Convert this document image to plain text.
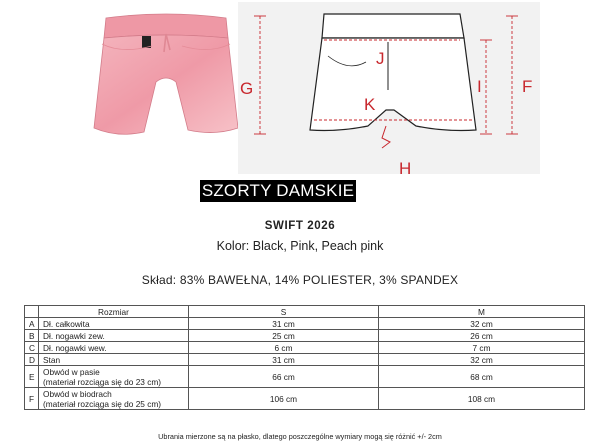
J
G
K
I F
H
SZORTY DAMSKIE
SWIFT 2026
Kolor: Black, Pink, Peach pink
Skład: 83% BAWEŁNA, 14% POLIESTER, 3% SPANDEX
	Rozmiar	S	M
A	Dł. całkowita	31 cm	32 cm
B	Dł. nogawki zew.	25 cm	26 cm
C	Dł. nogawki wew.	6 cm	7 cm
D	Stan	31 cm	32 cm
E	Obwód w pasie
(materiał rozciąga się do 23 cm)	66 cm	68 cm
F	Obwód w biodrach
(materiał rozciąga się do 25 cm)	106 cm	108 cm
Ubrania mierzone są na płasko, dlatego poszczególne wymiary mogą się różnić +/- 2cm
